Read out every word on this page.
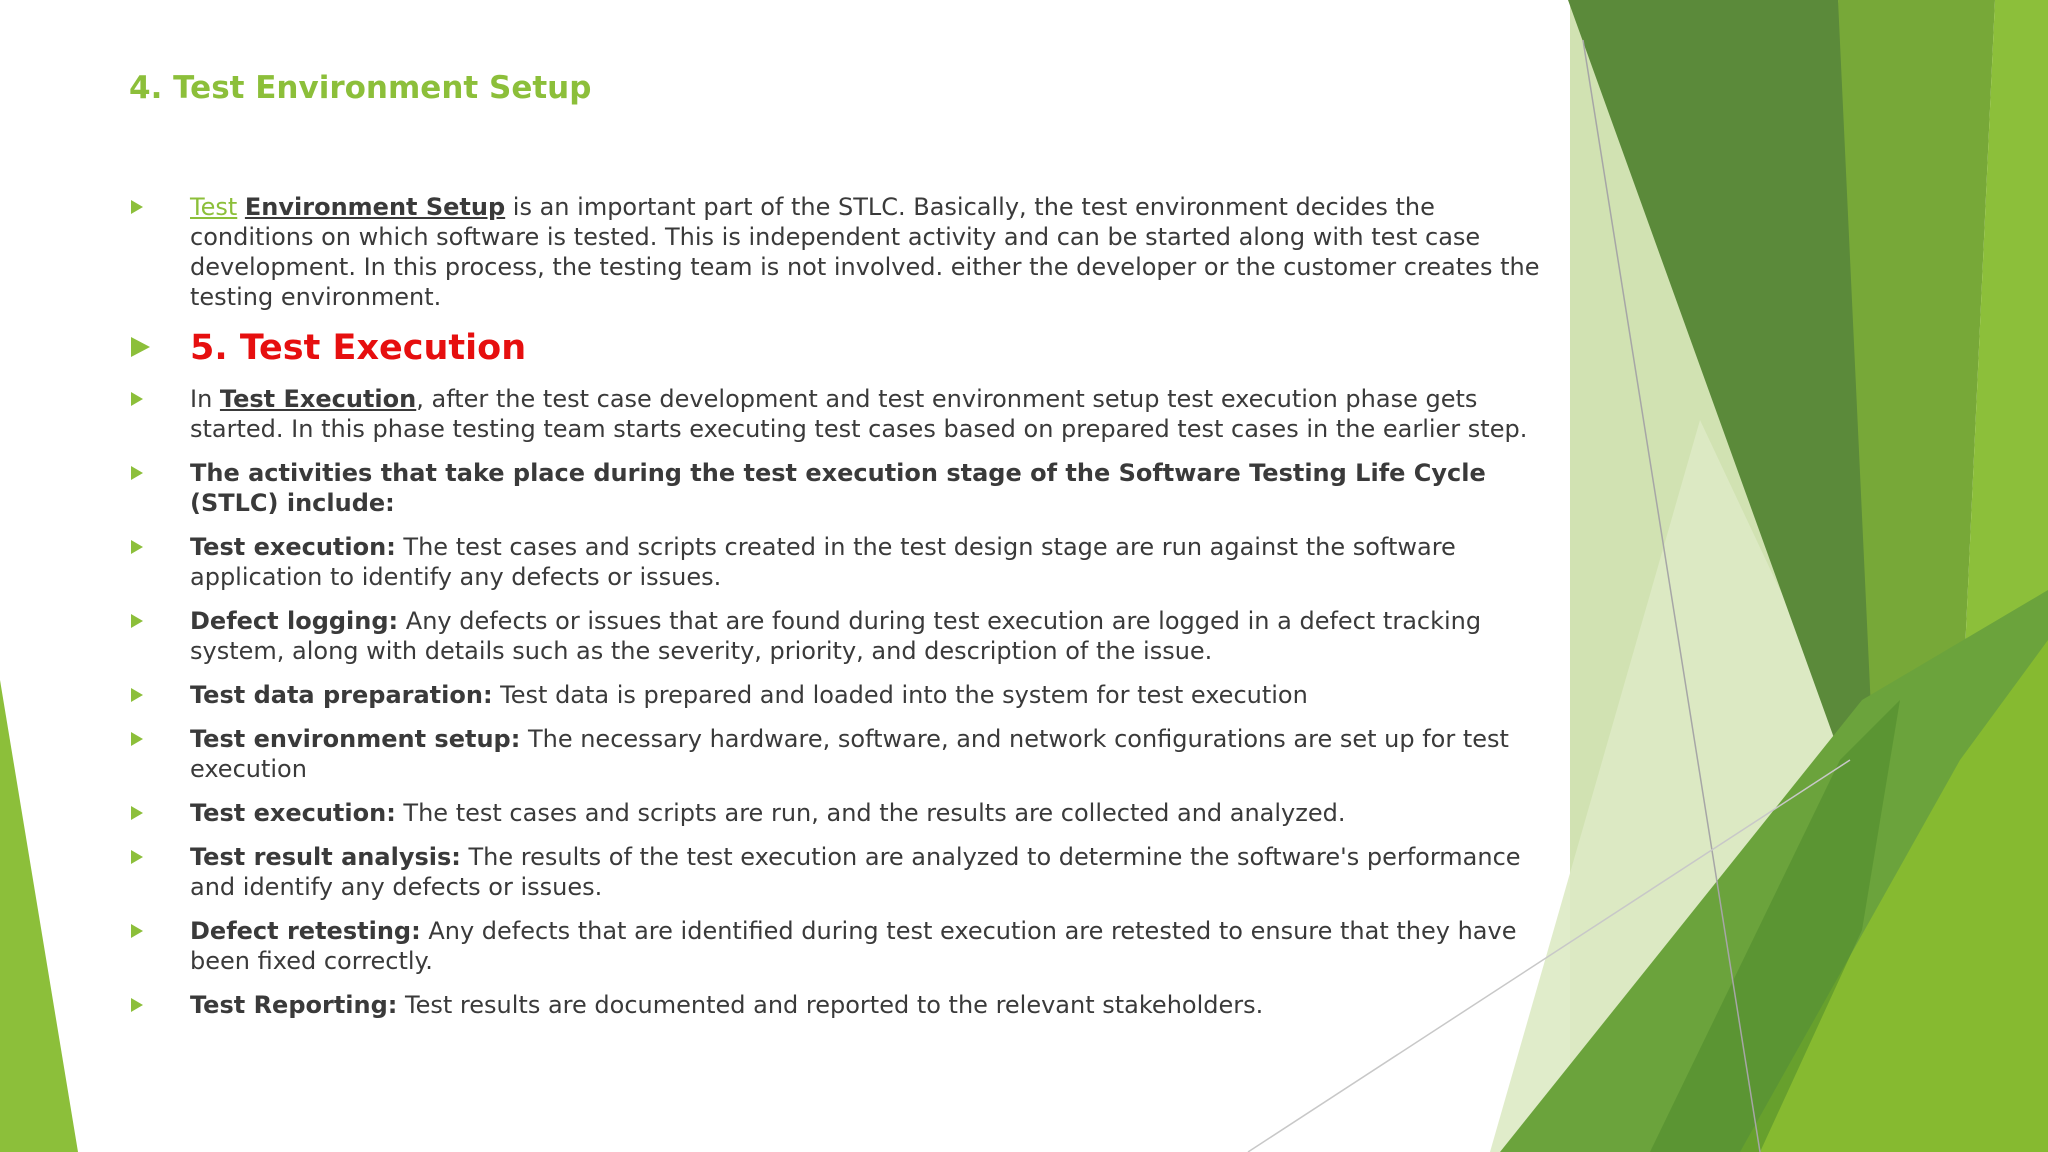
4. Test Environment Setup
Test Environment Setup is an important part of the STLC. Basically, the test environment decides the conditions on which software is tested. This is independent activity and can be started along with test case development. In this process, the testing team is not involved. either the developer or the customer creates the testing environment.
5. Test Execution
In Test Execution, after the test case development and test environment setup test execution phase gets started. In this phase testing team starts executing test cases based on prepared test cases in the earlier step.
The activities that take place during the test execution stage of the Software Testing Life Cycle (STLC) include:
Test execution: The test cases and scripts created in the test design stage are run against the software application to identify any defects or issues.
Defect logging: Any defects or issues that are found during test execution are logged in a defect tracking system, along with details such as the severity, priority, and description of the issue.
Test data preparation: Test data is prepared and loaded into the system for test execution
Test environment setup: The necessary hardware, software, and network configurations are set up for test execution
Test execution: The test cases and scripts are run, and the results are collected and analyzed.
Test result analysis: The results of the test execution are analyzed to determine the software's performance and identify any defects or issues.
Defect retesting: Any defects that are identified during test execution are retested to ensure that they have been fixed correctly.
Test Reporting: Test results are documented and reported to the relevant stakeholders.
